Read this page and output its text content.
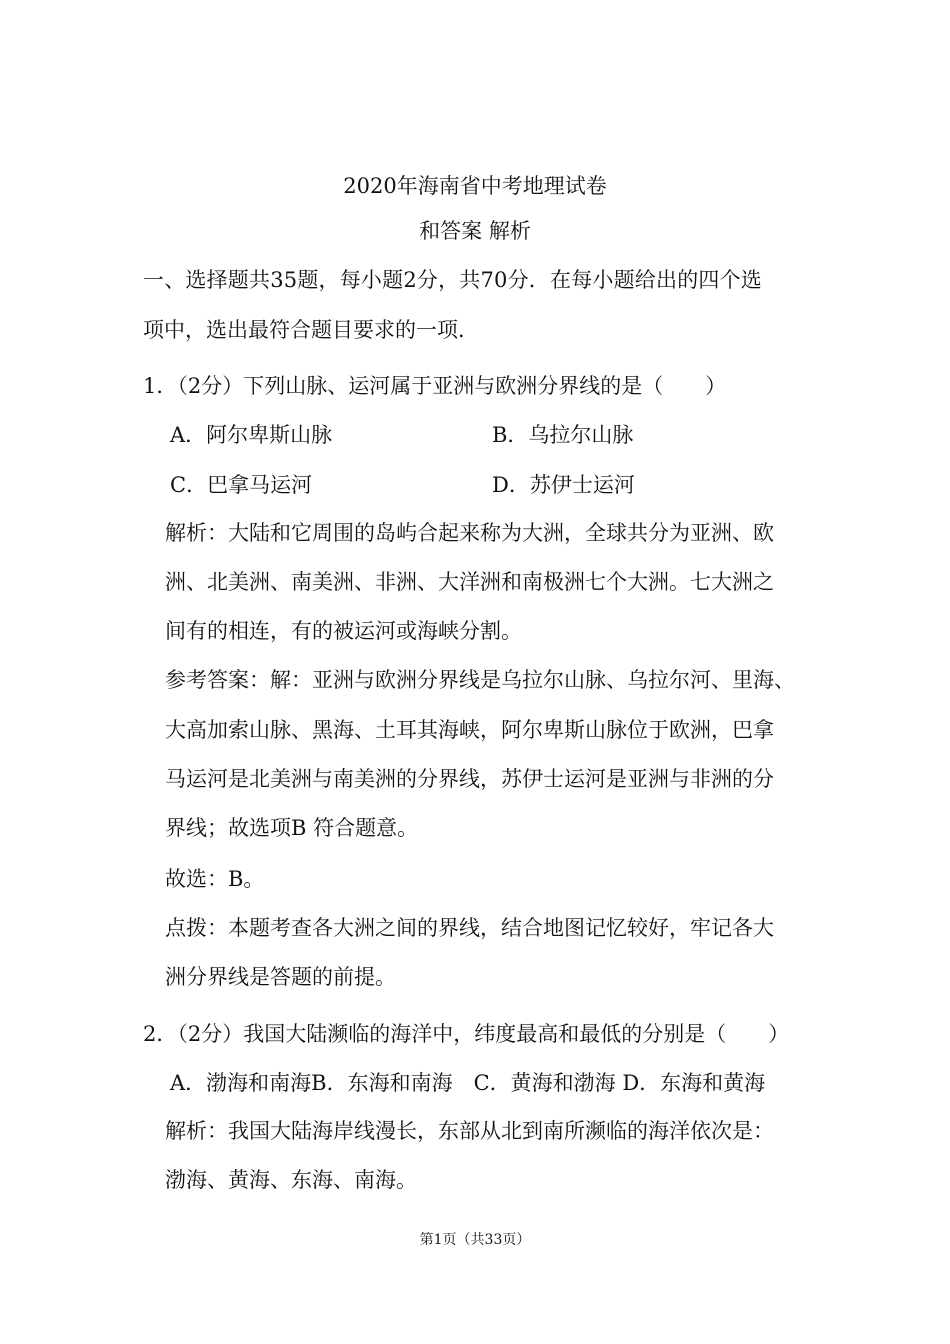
2020年海南省中考地理试卷
和答案 解析
一、选择题共35题，每小题2分，共70分．在每小题给出的四个选
项中，选出最符合题目要求的一项．
1．（2分）下列山脉、运河属于亚洲与欧洲分界线的是（　　）
A．阿尔卑斯山脉	B．乌拉尔山脉
C．巴拿马运河	D．苏伊士运河
解析：大陆和它周围的岛屿合起来称为大洲，全球共分为亚洲、欧
洲、北美洲、南美洲、非洲、大洋洲和南极洲七个大洲。七大洲之
间有的相连，有的被运河或海峡分割。
参考答案：解：亚洲与欧洲分界线是乌拉尔山脉、乌拉尔河、里海、
大高加索山脉、黑海、土耳其海峡，阿尔卑斯山脉位于欧洲，巴拿
马运河是北美洲与南美洲的分界线，苏伊士运河是亚洲与非洲的分
界线；故选项B 符合题意。
故选：B。
点拨：本题考查各大洲之间的界线，结合地图记忆较好，牢记各大
洲分界线是答题的前提。
2．（2分）我国大陆濒临的海洋中，纬度最高和最低的分别是（　　）
A．渤海和南海B．东海和南海　C．黄海和渤海 D．东海和黄海
解析：我国大陆海岸线漫长，东部从北到南所濒临的海洋依次是：
渤海、黄海、东海、南海。
第1页（共33页）
